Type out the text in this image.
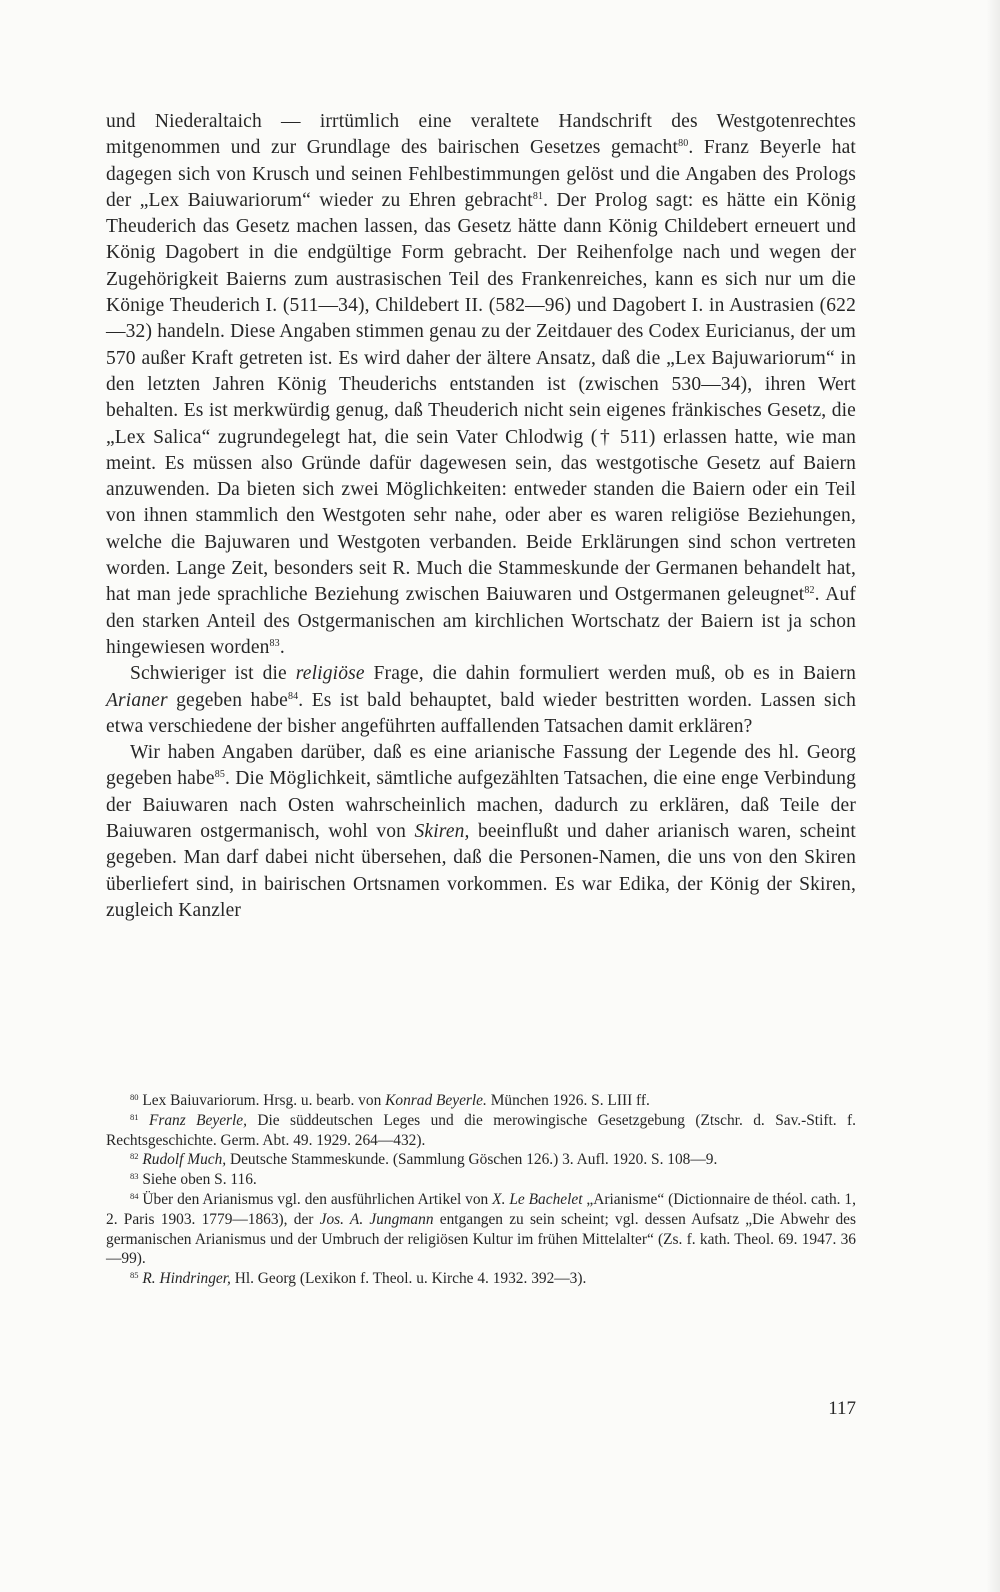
und Niederaltaich — irrtümlich eine veraltete Handschrift des Westgotenrechtes mitgenommen und zur Grundlage des bairischen Gesetzes gemacht$^{80}$. Franz Beyerle hat dagegen sich von Krusch und seinen Fehlbestimmungen gelöst und die Angaben des Prologs der „Lex Baiuwariorum“ wieder zu Ehren gebracht$^{81}$. Der Prolog sagt: es hätte ein König Theuderich das Gesetz machen lassen, das Gesetz hätte dann König Childebert erneuert und König Dagobert in die endgültige Form gebracht. Der Reihenfolge nach und wegen der Zugehörigkeit Baierns zum austrasischen Teil des Frankenreiches, kann es sich nur um die Könige Theuderich I. (511—34), Childebert II. (582—96) und Dagobert I. in Austrasien (622—32) handeln. Diese Angaben stimmen genau zu der Zeitdauer des Codex Euricianus, der um 570 außer Kraft getreten ist. Es wird daher der ältere Ansatz, daß die „Lex Bajuwariorum“ in den letzten Jahren König Theuderichs entstanden ist (zwischen 530—34), ihren Wert behalten. Es ist merkwürdig genug, daß Theuderich nicht sein eigenes fränkisches Gesetz, die „Lex Salica“ zugrundegelegt hat, die sein Vater Chlodwig († 511) erlassen hatte, wie man meint. Es müssen also Gründe dafür dagewesen sein, das westgotische Gesetz auf Baiern anzuwenden. Da bieten sich zwei Möglichkeiten: entweder standen die Baiern oder ein Teil von ihnen stammlich den Westgoten sehr nahe, oder aber es waren religiöse Beziehungen, welche die Bajuwaren und Westgoten verbanden. Beide Erklärungen sind schon vertreten worden. Lange Zeit, besonders seit R. Much die Stammeskunde der Germanen behandelt hat, hat man jede sprachliche Beziehung zwischen Baiuwaren und Ostgermanen geleugnet$^{82}$. Auf den starken Anteil des Ostgermanischen am kirchlichen Wortschatz der Baiern ist ja schon hingewiesen worden$^{83}$.

Schwieriger ist die religiöse Frage, die dahin formuliert werden muß, ob es in Baiern Arianer gegeben habe$^{84}$. Es ist bald behauptet, bald wieder bestritten worden. Lassen sich etwa verschiedene der bisher angeführten auffallenden Tatsachen damit erklären?

Wir haben Angaben darüber, daß es eine arianische Fassung der Legende des hl. Georg gegeben habe$^{85}$. Die Möglichkeit, sämtliche aufgezählten Tatsachen, die eine enge Verbindung der Baiuwaren nach Osten wahrscheinlich machen, dadurch zu erklären, daß Teile der Baiuwaren ostgermanisch, wohl von Skiren, beeinflußt und daher arianisch waren, scheint gegeben. Man darf dabei nicht übersehen, daß die Personen-Namen, die uns von den Skiren überliefert sind, in bairischen Ortsnamen vorkommen. Es war Edika, der König der Skiren, zugleich Kanzler

$^{80}$ Lex Baiuvariorum. Hrsg. u. bearb. von Konrad Beyerle. München 1926. S. LIII ff.

$^{81}$ Franz Beyerle, Die süddeutschen Leges und die merowingische Gesetzgebung (Ztschr. d. Sav.-Stift. f. Rechtsgeschichte. Germ. Abt. 49. 1929. 264—432).

$^{82}$ Rudolf Much, Deutsche Stammeskunde. (Sammlung Göschen 126.) 3. Aufl. 1920. S. 108—9.

$^{83}$ Siehe oben S. 116.

$^{84}$ Über den Arianismus vgl. den ausführlichen Artikel von X. Le Bachelet „Arianisme“ (Dictionnaire de théol. cath. 1, 2. Paris 1903. 1779—1863), der Jos. A. Jungmann entgangen zu sein scheint; vgl. dessen Aufsatz „Die Abwehr des germanischen Arianismus und der Umbruch der religiösen Kultur im frühen Mittelalter“ (Zs. f. kath. Theol. 69. 1947. 36—99).

$^{85}$ R. Hindringer, Hl. Georg (Lexikon f. Theol. u. Kirche 4. 1932. 392—3).

117
